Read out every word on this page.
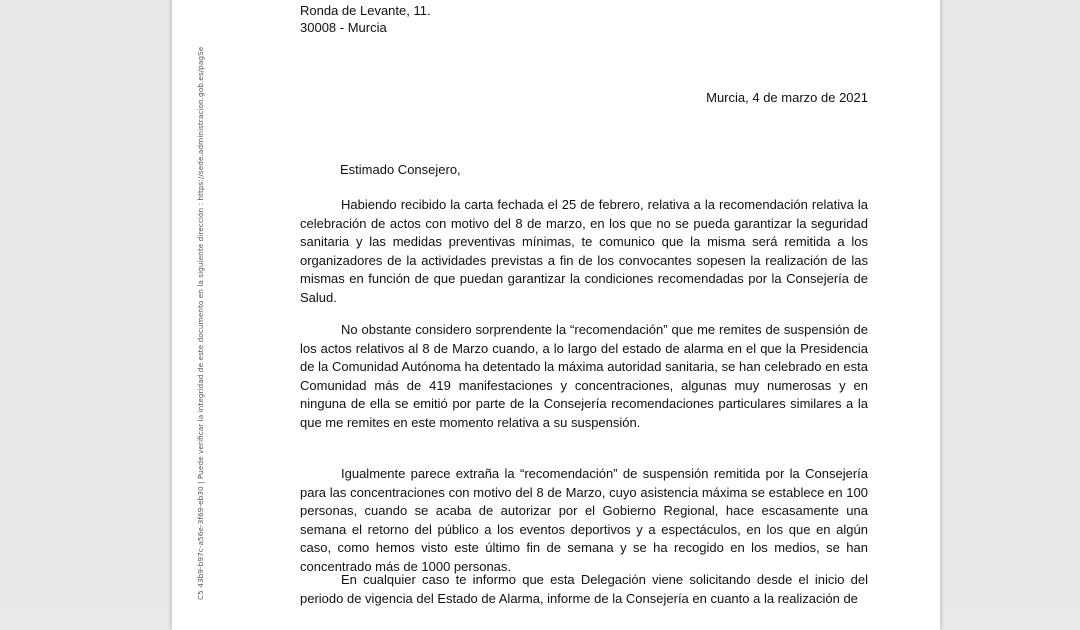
C5 43b9-b97c-a56e-3f69-eb30 | Puede verificar la integridad de este documento en la siguiente dirección : https://sede.administracion.gob.es/pagSe
Ronda de Levante, 11.
30008 - Murcia
Murcia, 4 de marzo de 2021
Estimado Consejero,

Habiendo recibido la carta fechada el 25 de febrero, relativa a la recomendación relativa la celebración de actos con motivo del 8 de marzo, en los que no se pueda garantizar la seguridad sanitaria y las medidas preventivas mínimas, te comunico que la misma será remitida a los organizadores de la actividades previstas a fin de los convocantes sopesen la realización de las mismas en función de que puedan garantizar la condiciones recomendadas por la Consejería de Salud.

No obstante considero sorprendente la “recomendación” que me remites de suspensión de los actos relativos al 8 de Marzo cuando, a lo largo del estado de alarma en el que la Presidencia de la Comunidad Autónoma ha detentado la máxima autoridad sanitaria, se han celebrado en esta Comunidad más de 419 manifestaciones y concentraciones, algunas muy numerosas y en ninguna de ella se emitió por parte de la Consejería recomendaciones particulares similares a la que me remites en este momento relativa a su suspensión.

Igualmente parece extraña la “recomendación” de suspensión remitida por la Consejería para las concentraciones con motivo del 8 de Marzo, cuyo asistencia máxima se establece en 100 personas, cuando se acaba de autorizar por el Gobierno Regional, hace escasamente una semana el retorno del público a los eventos deportivos y a espectáculos, en los que en algún caso, como hemos visto este último fin de semana y se ha recogido en los medios, se han concentrado más de 1000 personas.

En cualquier caso te informo que esta Delegación viene solicitando desde el inicio del periodo de vigencia del Estado de Alarma, informe de la Consejería en cuanto a la realización de
